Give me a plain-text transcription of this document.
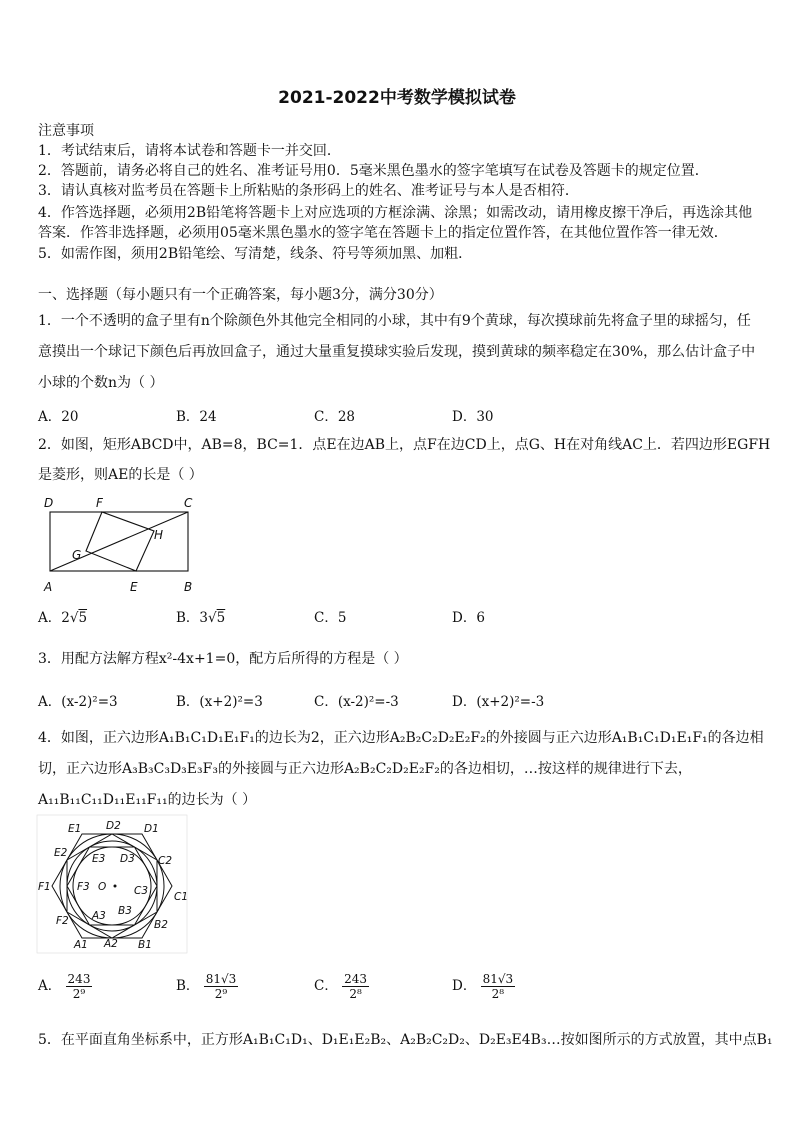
2021-2022中考数学模拟试卷
注意事项
1．考试结束后，请将本试卷和答题卡一并交回．
2．答题前，请务必将自己的姓名、准考证号用0．5毫米黑色墨水的签字笔填写在试卷及答题卡的规定位置．
3．请认真核对监考员在答题卡上所粘贴的条形码上的姓名、准考证号与本人是否相符．
4．作答选择题，必须用2B铅笔将答题卡上对应选项的方框涂满、涂黑；如需改动，请用橡皮擦干净后，再选涂其他
答案．作答非选择题，必须用05毫米黑色墨水的签字笔在答题卡上的指定位置作答，在其他位置作答一律无效．
5．如需作图，须用2B铅笔绘、写清楚，线条、符号等须加黑、加粗．
一、选择题（每小题只有一个正确答案，每小题3分，满分30分）
1．一个不透明的盒子里有n个除颜色外其他完全相同的小球，其中有9个黄球，每次摸球前先将盒子里的球摇匀，任
意摸出一个球记下颜色后再放回盒子，通过大量重复摸球实验后发现，摸到黄球的频率稳定在30%，那么估计盒子中
小球的个数n为（ ）
A．20	B．24	C．28	D．30
2．如图，矩形ABCD中，AB=8，BC=1．点E在边AB上，点F在边CD上，点G、H在对角线AC上．若四边形EGFH
是菱形，则AE的长是（ ）
D	F	C
G
H
A	E	B
A．2√5	B．3√5	C．5	D．6
3．用配方法解方程x²-4x+1=0，配方后所得的方程是（ ）
A．(x-2)²=3	B．(x+2)²=3	C．(x-2)²=-3	D．(x+2)²=-3
4．如图，正六边形A₁B₁C₁D₁E₁F₁的边长为2，正六边形A₂B₂C₂D₂E₂F₂的外接圆与正六边形A₁B₁C₁D₁E₁F₁的各边相
切，正六边形A₃B₃C₃D₃E₃F₃的外接圆与正六边形A₂B₂C₂D₂E₂F₂的各边相切，…按这样的规律进行下去，
A₁₁B₁₁C₁₁D₁₁E₁₁F₁₁的边长为（ ）
E1 D2 D1
E2 E3 D3 C2
F1	F3 O	C3 C1
F2 A3 B3
B2
A1 A2 B1
A． $\frac{243}{\text{2⁹}}$	B． $\frac{81√3}{\text{2⁹}}$	C． $\frac{243}{\text{2⁸}}$	D． $\frac{81√3}{\text{2⁸}}$
5．在平面直角坐标系中，正方形A₁B₁C₁D₁、D₁E₁E₂B₂、A₂B₂C₂D₂、D₂E₃E4B₃…按如图所示的方式放置，其中点B₁
